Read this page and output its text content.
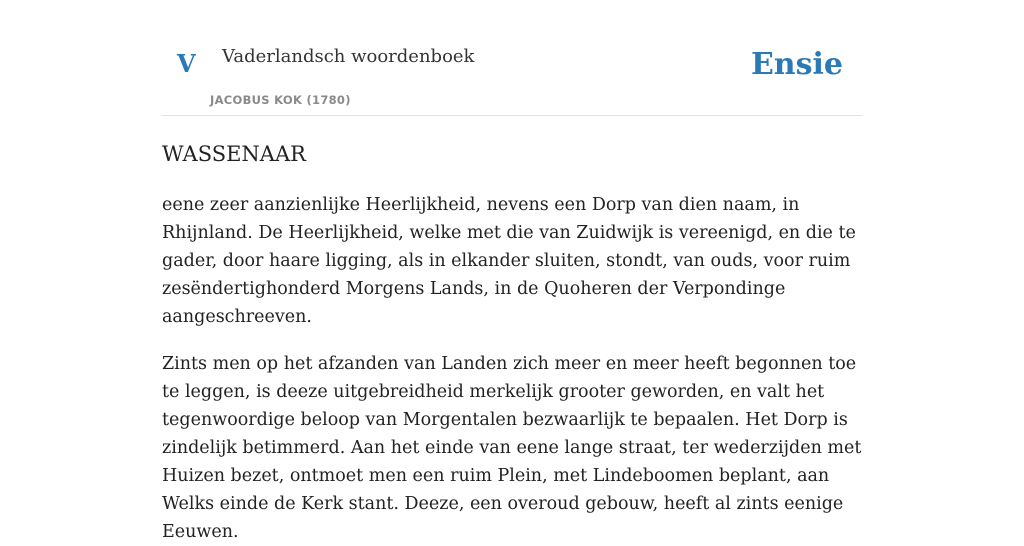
V Vaderlandsch woordenboek
JACOBUS KOK (1780)
Ensie
WASSENAAR

eene zeer aanzienlijke Heerlijkheid, nevens een Dorp van dien naam, in Rhijnland. De Heerlijkheid, welke met die van Zuidwijk is vereenigd, en die te gader, door haare ligging, als in elkander sluiten, stondt, van ouds, voor ruim zesëndertighonderd Morgens Lands, in de Quoheren der Verpondinge aangeschreeven.

Zints men op het afzanden van Landen zich meer en meer heeft begonnen toe te leggen, is deeze uitgebreidheid merkelijk grooter geworden, en valt het tegenwoordige beloop van Morgentalen bezwaarlijk te bepaalen. Het Dorp is zindelijk betimmerd. Aan het einde van eene lange straat, ter wederzijden met Huizen bezet, ontmoet men een ruim Plein, met Lindeboomen beplant, aan Welks einde de Kerk stant. Deeze, een overoud gebouw, heeft al zints eenige Eeuwen.
